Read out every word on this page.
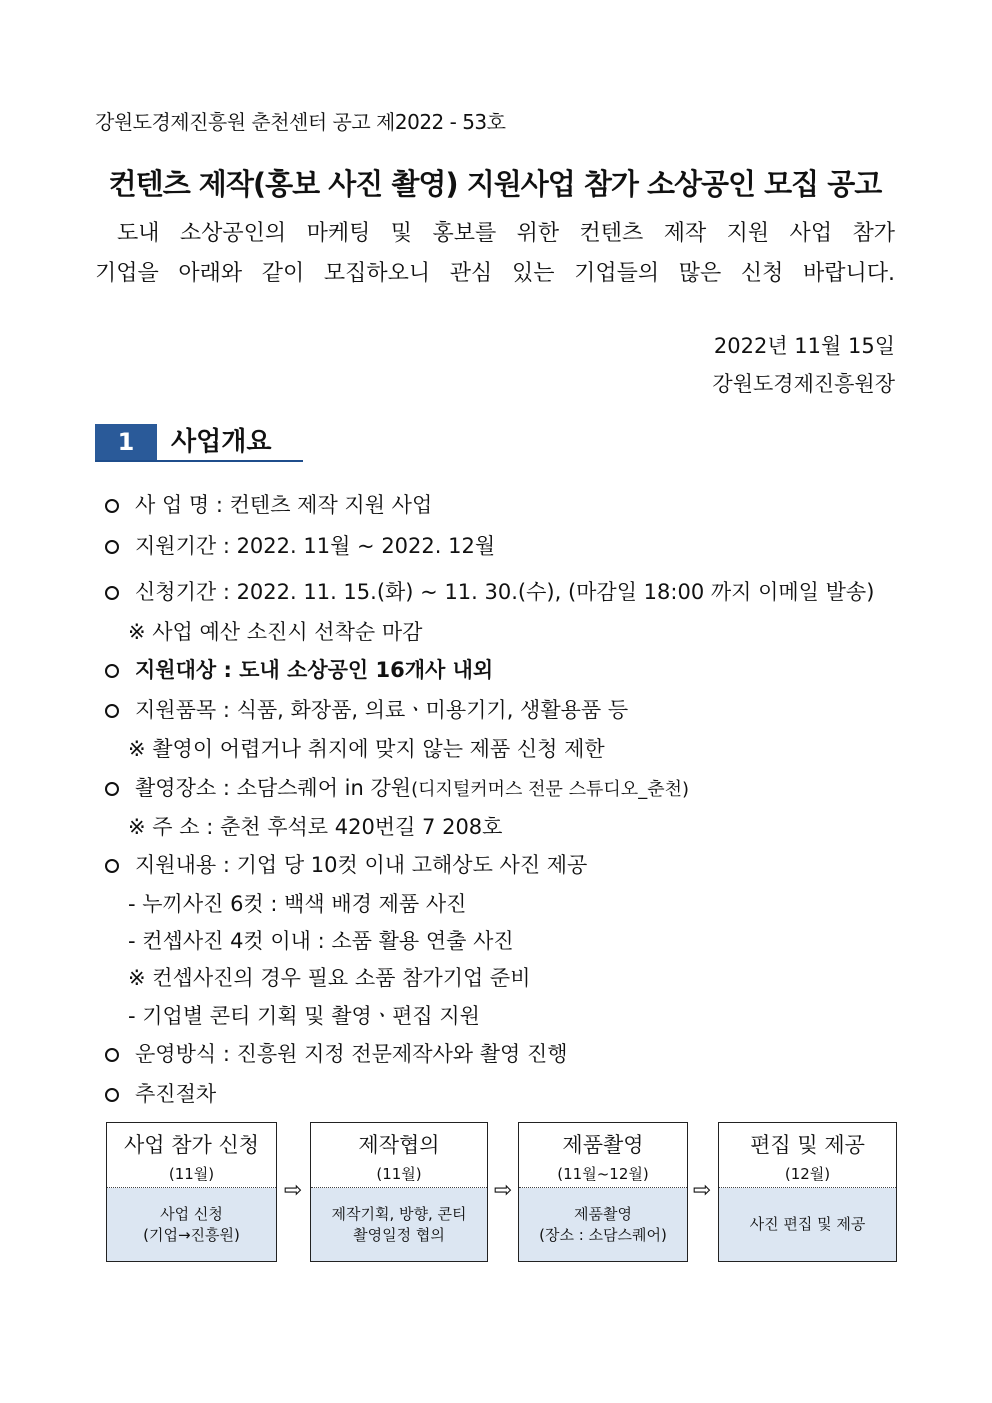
강원도경제진흥원 춘천센터 공고 제2022 - 53호
컨텐츠 제작(홍보 사진 촬영) 지원사업 참가 소상공인 모집 공고
도내 소상공인의 마케팅 및 홍보를 위한 컨텐츠 제작 지원 사업 참가
기업을 아래와 같이 모집하오니 관심 있는 기업들의 많은 신청 바랍니다.
2022년 11월 15일
강원도경제진흥원장
1	사업개요
사 업 명 : 컨텐츠 제작 지원 사업
지원기간 : 2022. 11월 ~ 2022. 12월
신청기간 : 2022. 11. 15.(화) ~ 11. 30.(수), (마감일 18:00 까지 이메일 발송)
※ 사업 예산 소진시 선착순 마감
지원대상 : 도내 소상공인 16개사 내외
지원품목 : 식품, 화장품, 의료ㆍ미용기기, 생활용품 등
※ 촬영이 어렵거나 취지에 맞지 않는 제품 신청 제한
촬영장소 : 소담스퀘어 in 강원(디지털커머스 전문 스튜디오_춘천)
※ 주 소 : 춘천 후석로 420번길 7 208호
지원내용 : 기업 당 10컷 이내 고해상도 사진 제공
- 누끼사진 6컷 : 백색 배경 제품 사진
- 컨셉사진 4컷 이내 : 소품 활용 연출 사진
※ 컨셉사진의 경우 필요 소품 참가기업 준비
- 기업별 콘티 기획 및 촬영ㆍ편집 지원
운영방식 : 진흥원 지정 전문제작사와 촬영 진행
추진절차
사업 참가 신청
(11월)
사업 신청
(기업→진흥원)
⇨
제작협의
(11월)
제작기획, 방향, 콘티
촬영일정 협의
⇨
제품촬영
(11월~12월)
제품촬영
(장소 : 소담스퀘어)
⇨
편집 및 제공
(12월)
사진 편집 및 제공
